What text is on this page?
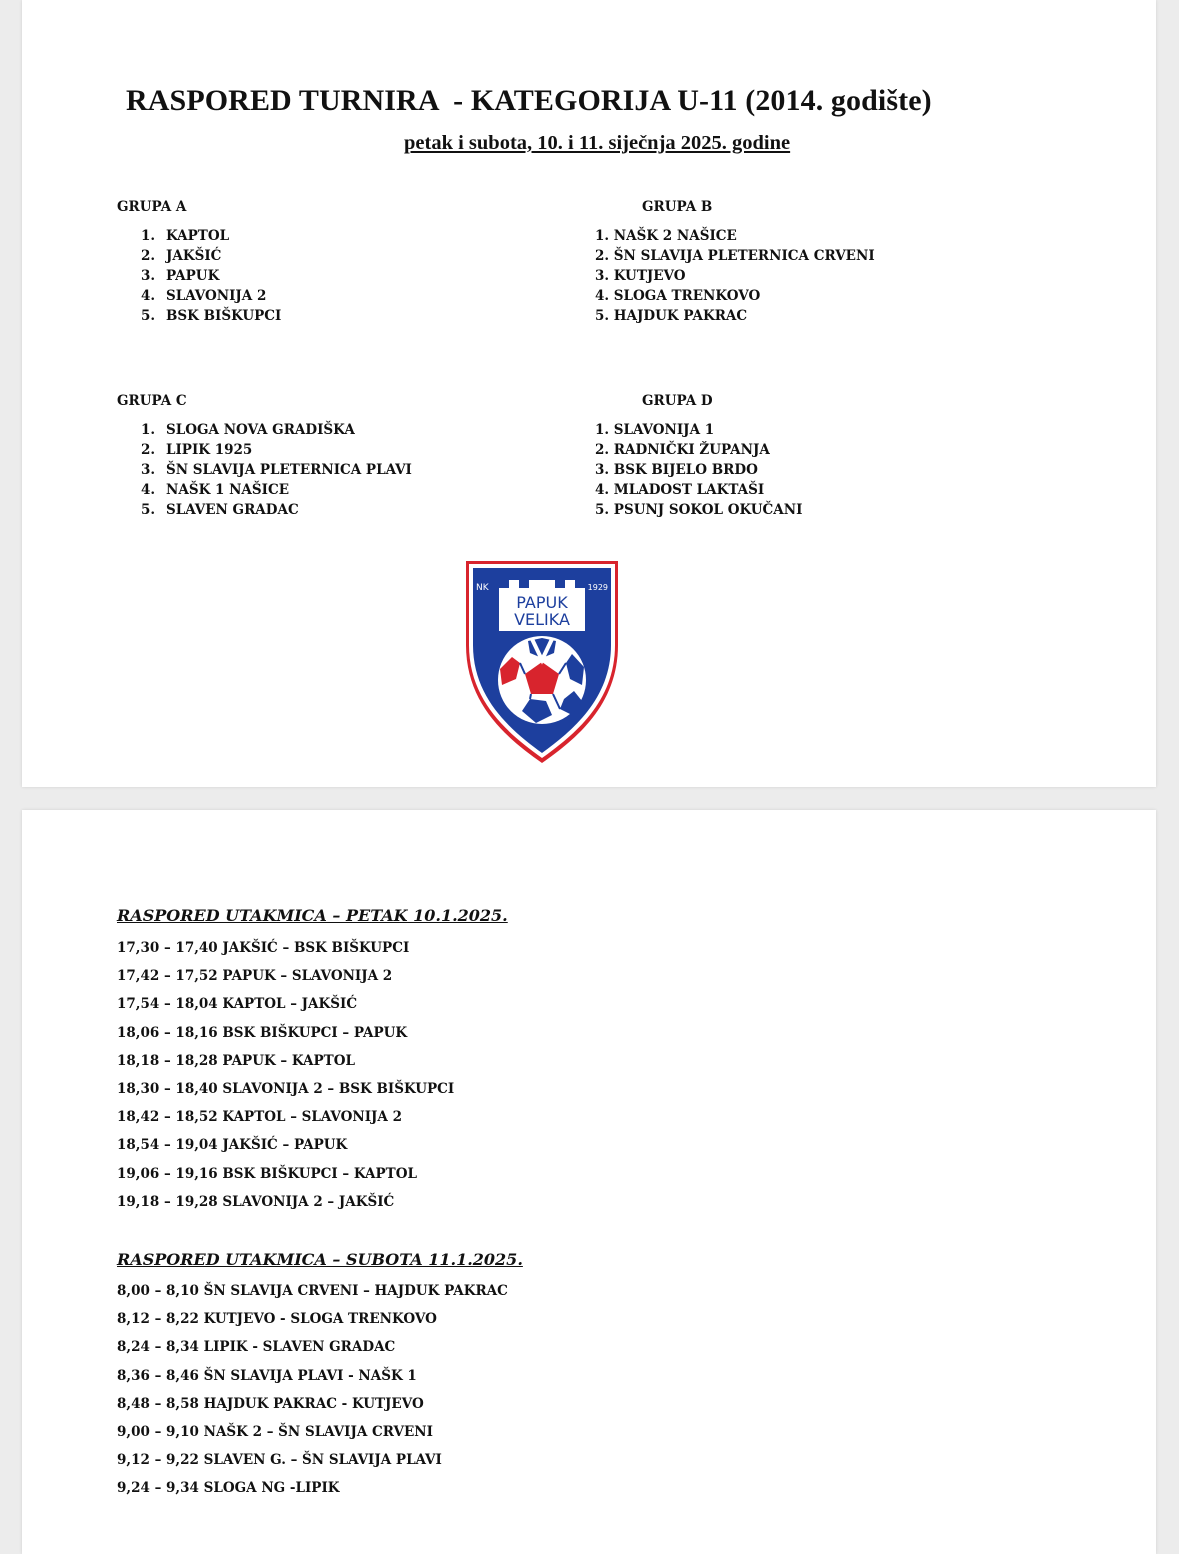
RASPORED TURNIRA  - KATEGORIJA U-11 (2014. godište)

petak i subota, 10. i 11. siječnja 2025. godine

GRUPA A
1. KAPTOL
2. JAKŠIĆ
3. PAPUK
4. SLAVONIJA 2
5. BSK BIŠKUPCI
GRUPA B
1. NAŠK 2 NAŠICE
2. ŠN SLAVIJA PLETERNICA CRVENI
3. KUTJEVO
4. SLOGA TRENKOVO
5. HAJDUK PAKRAC
GRUPA C
1. SLOGA NOVA GRADIŠKA
2. LIPIK 1925
3. ŠN SLAVIJA PLETERNICA PLAVI
4. NAŠK 1 NAŠICE
5. SLAVEN GRADAC
GRUPA D
1. SLAVONIJA 1
2. RADNIČKI ŽUPANJA
3. BSK BIJELO BRDO
4. MLADOST LAKTAŠI
5. PSUNJ SOKOL OKUČANI
NK	1929
PAPUK
VELIKA
RASPORED UTAKMICA – PETAK 10.1.2025.
17,30 – 17,40 JAKŠIĆ – BSK BIŠKUPCI
17,42 – 17,52 PAPUK – SLAVONIJA 2
17,54 – 18,04 KAPTOL – JAKŠIĆ
18,06 – 18,16 BSK BIŠKUPCI – PAPUK
18,18 – 18,28 PAPUK – KAPTOL
18,30 – 18,40 SLAVONIJA 2 – BSK BIŠKUPCI
18,42 – 18,52 KAPTOL – SLAVONIJA 2
18,54 – 19,04 JAKŠIĆ – PAPUK
19,06 – 19,16 BSK BIŠKUPCI – KAPTOL
19,18 – 19,28 SLAVONIJA 2 – JAKŠIĆ
RASPORED UTAKMICA – SUBOTA 11.1.2025.
8,00 – 8,10 ŠN SLAVIJA CRVENI – HAJDUK PAKRAC
8,12 – 8,22 KUTJEVO - SLOGA TRENKOVO
8,24 – 8,34 LIPIK - SLAVEN GRADAC
8,36 – 8,46 ŠN SLAVIJA PLAVI - NAŠK 1
8,48 – 8,58 HAJDUK PAKRAC - KUTJEVO
9,00 – 9,10 NAŠK 2 – ŠN SLAVIJA CRVENI
9,12 – 9,22 SLAVEN G. – ŠN SLAVIJA PLAVI
9,24 – 9,34 SLOGA NG -LIPIK
